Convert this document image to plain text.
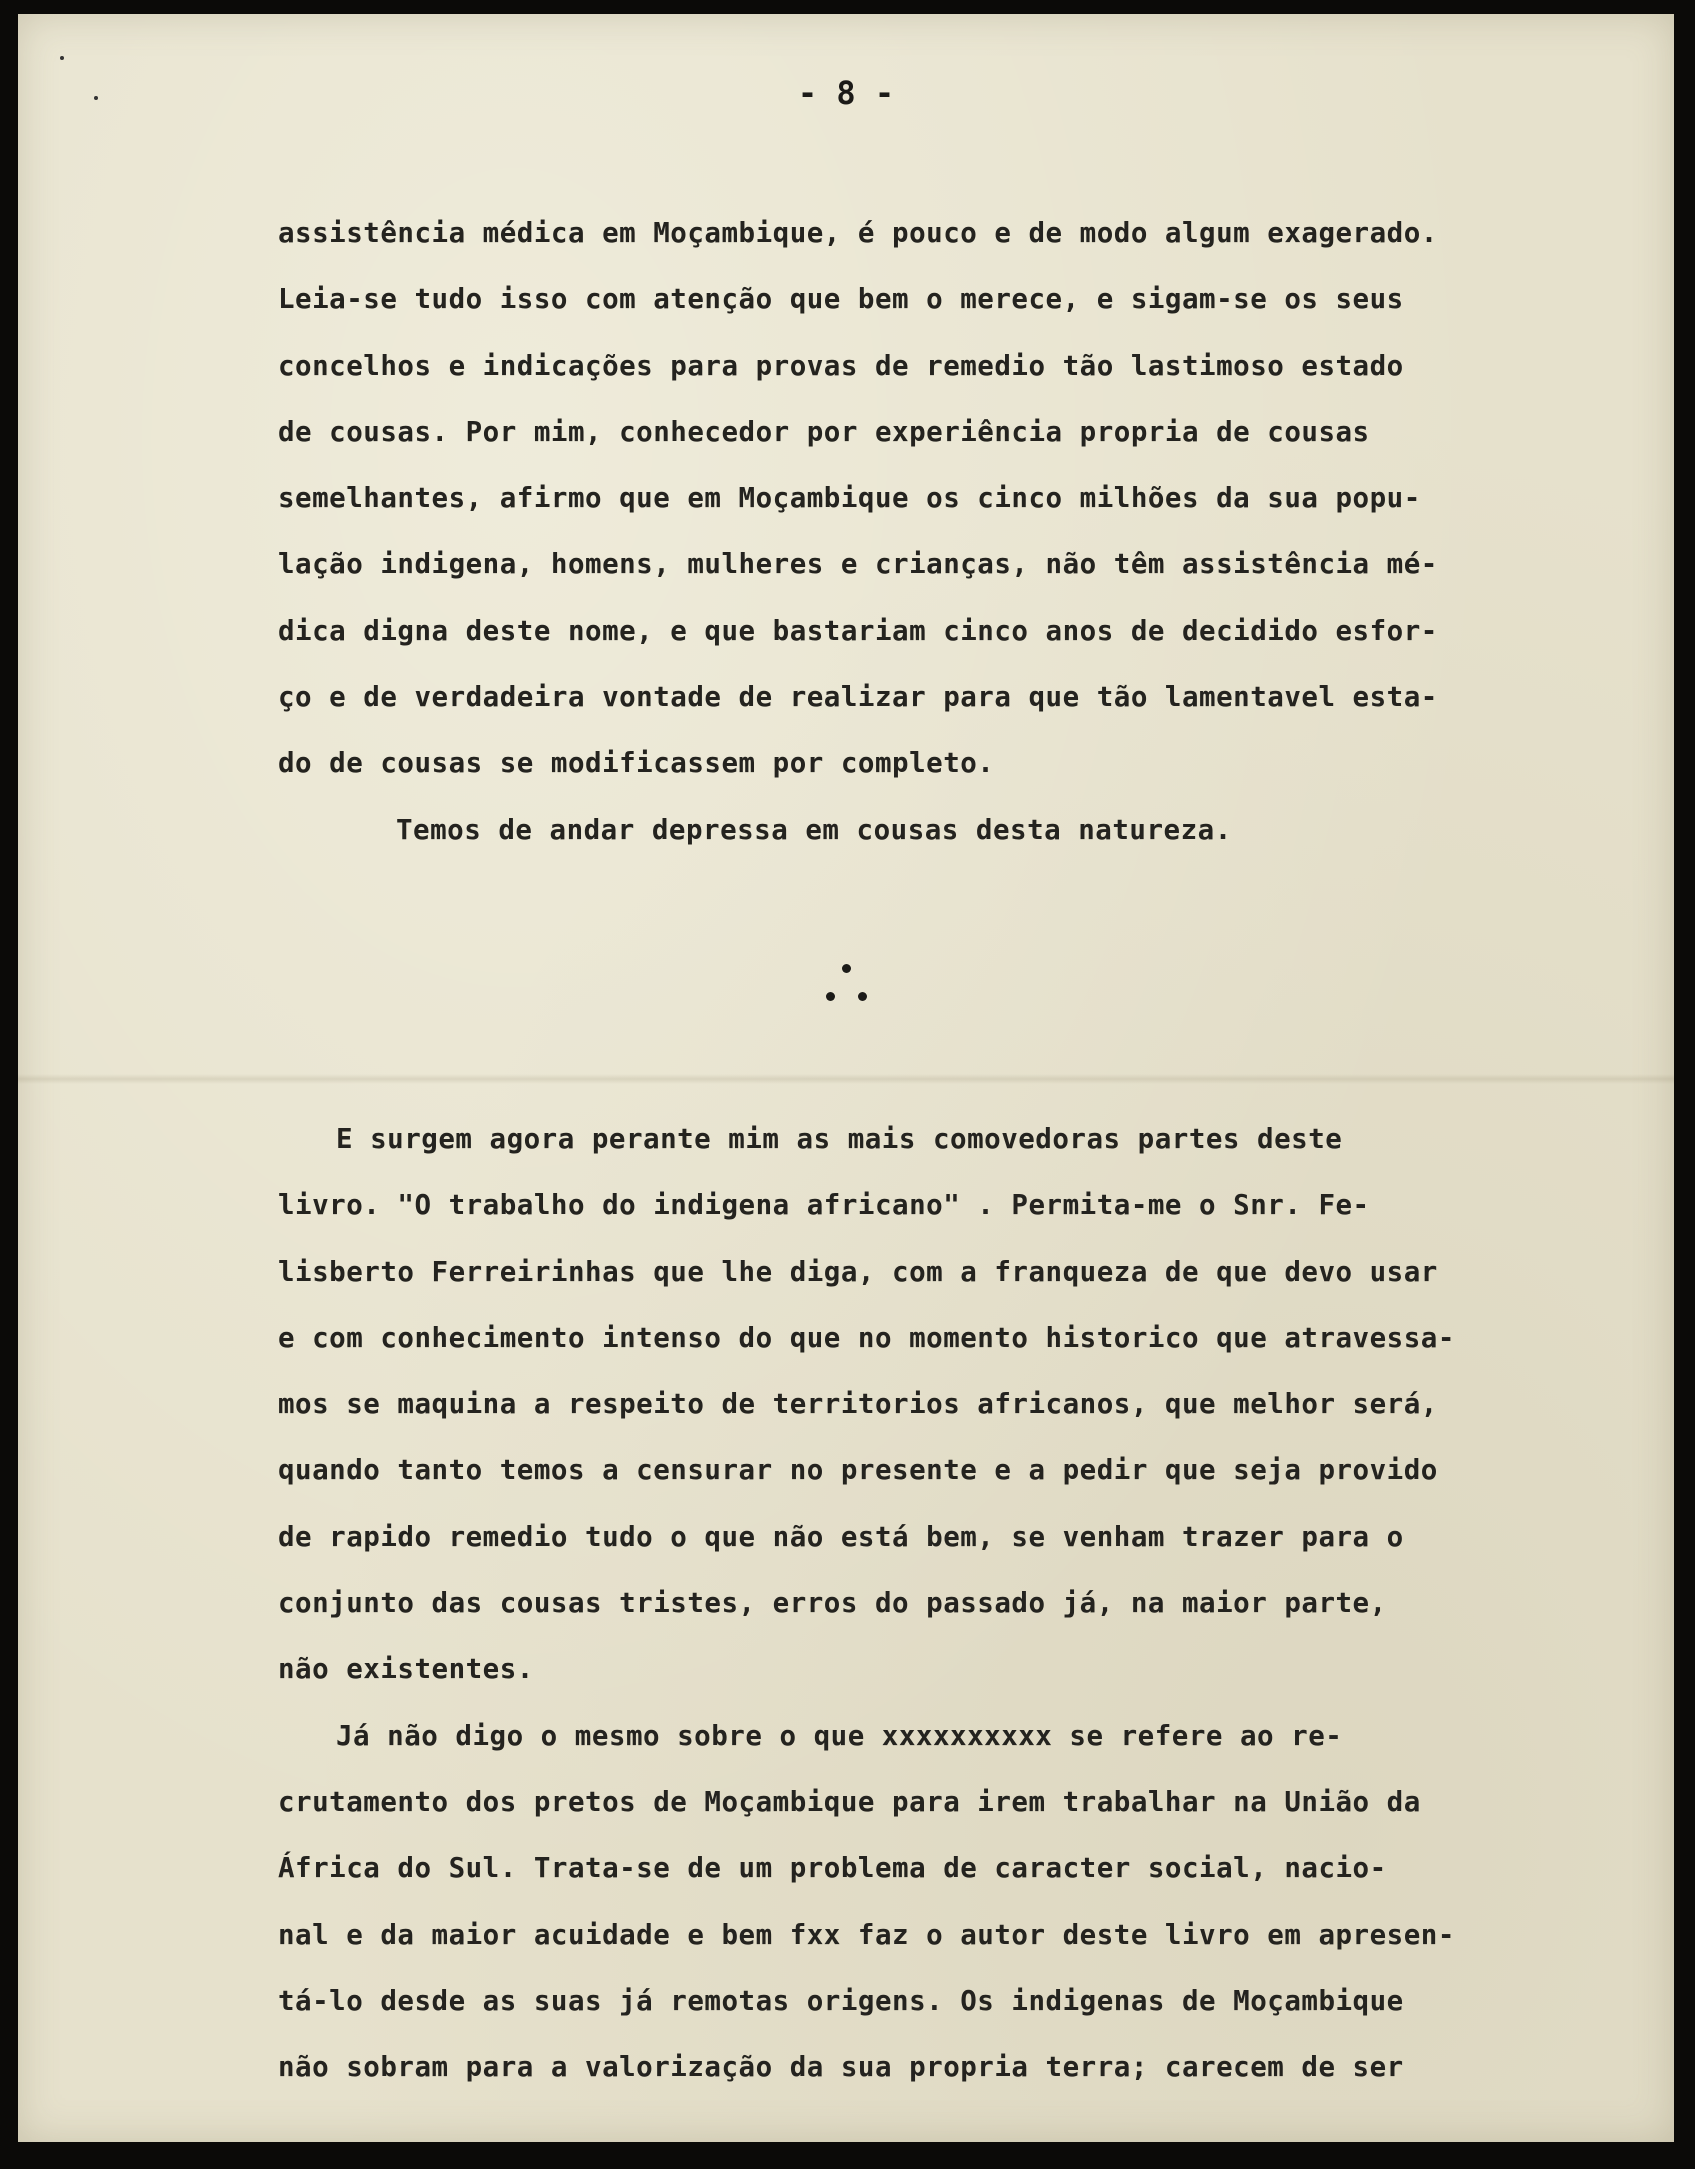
- 8 -
assistência médica em Moçambique, é pouco e de modo algum exagerado.
Leia-se tudo isso com atenção que bem o merece, e sigam-se os seus
concelhos e indicações para provas de remedio tão lastimoso estado
de cousas. Por mim, conhecedor por experiência propria de cousas
semelhantes, afirmo que em Moçambique os cinco milhões da sua popu-
lação indigena, homens, mulheres e crianças, não têm assistência mé-
dica digna deste nome, e que bastariam cinco anos de decidido esfor-
ço e de verdadeira vontade de realizar para que tão lamentavel esta-
do de cousas se modificassem por completo.
Temos de andar depressa em cousas desta natureza.
E surgem agora perante mim as mais comovedoras partes deste
livro. "O trabalho do indigena africano" . Permita-me o Snr. Fe-
lisberto Ferreirinhas que lhe diga, com a franqueza de que devo usar
e com conhecimento intenso do que no momento historico que atravessa-
mos se maquina a respeito de territorios africanos, que melhor será,
quando tanto temos a censurar no presente e a pedir que seja provido
de rapido remedio tudo o que não está bem, se venham trazer para o
conjunto das cousas tristes, erros do passado já, na maior parte,
não existentes.
Já não digo o mesmo sobre o que xxxxxxxxxx se refere ao re-
crutamento dos pretos de Moçambique para irem trabalhar na União da
África do Sul. Trata-se de um problema de caracter social, nacio-
nal e da maior acuidade e bem fxx faz o autor deste livro em apresen-
tá-lo desde as suas já remotas origens. Os indigenas de Moçambique
não sobram para a valorização da sua propria terra; carecem de ser
